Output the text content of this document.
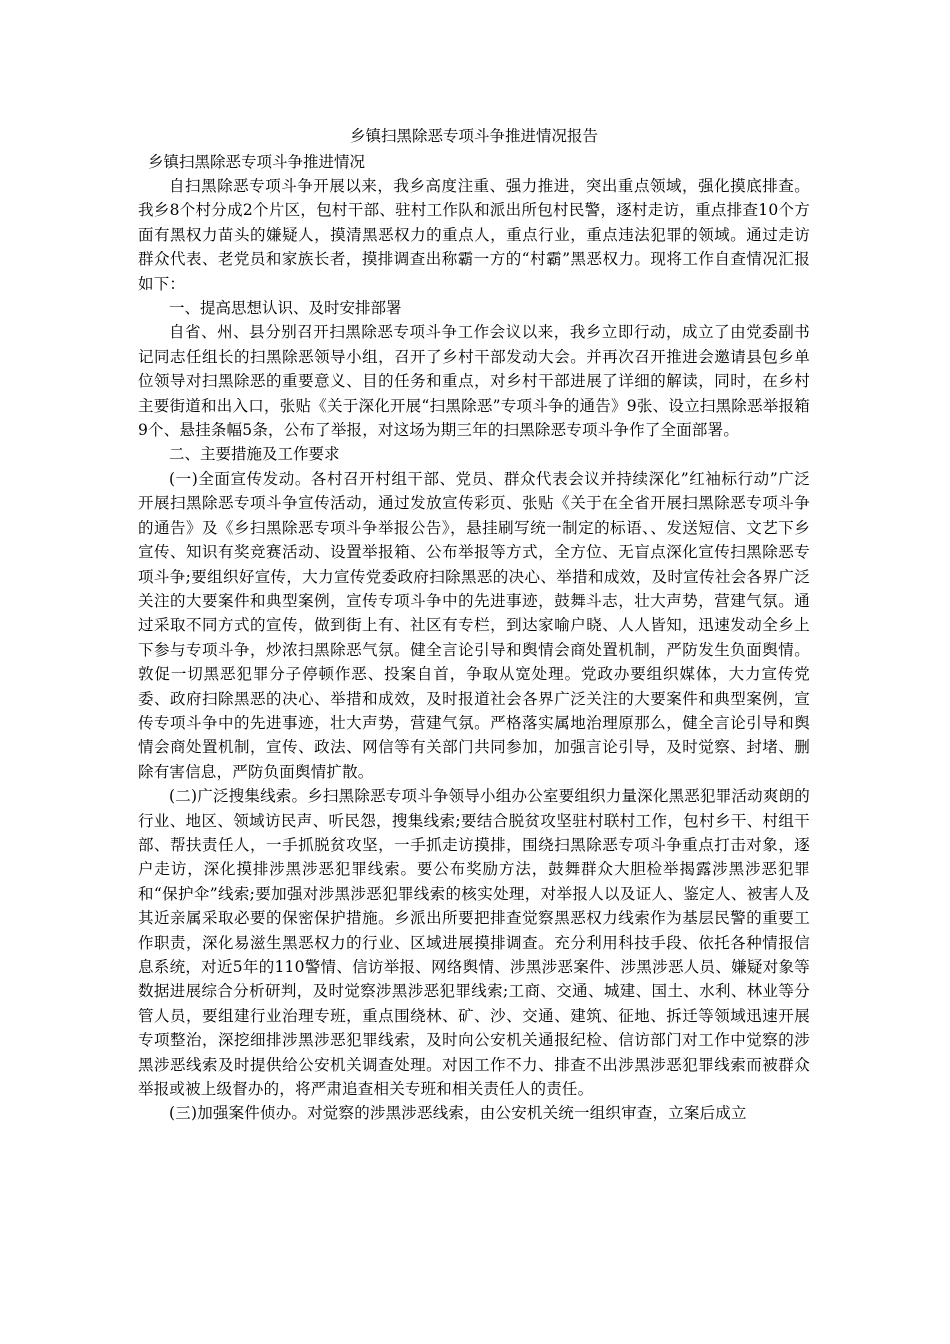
乡镇扫黑除恶专项斗争推进情况报告

乡镇扫黑除恶专项斗争推进情况

自扫黑除恶专项斗争开展以来，我乡高度注重、强力推进，突出重点领域，强化摸底排查。我乡8个村分成2个片区，包村干部、驻村工作队和派出所包村民警，逐村走访，重点排查10个方面有黑权力苗头的嫌疑人，摸清黑恶权力的重点人，重点行业，重点违法犯罪的领域。通过走访群众代表、老党员和家族长者，摸排调查出称霸一方的“村霸”黑恶权力。现将工作自查情况汇报如下：

一、提高思想认识、及时安排部署

自省、州、县分别召开扫黑除恶专项斗争工作会议以来，我乡立即行动，成立了由党委副书记同志任组长的扫黑除恶领导小组，召开了乡村干部发动大会。并再次召开推进会邀请县包乡单位领导对扫黑除恶的重要意义、目的任务和重点，对乡村干部进展了详细的解读，同时，在乡村主要街道和出入口，张贴《关于深化开展“扫黑除恶”专项斗争的通告》9张、设立扫黑除恶举报箱9个、悬挂条幅5条，公布了举报，对这场为期三年的扫黑除恶专项斗争作了全面部署。

二、主要措施及工作要求

(一)全面宣传发动。各村召开村组干部、党员、群众代表会议并持续深化”红袖标行动”广泛开展扫黑除恶专项斗争宣传活动，通过发放宣传彩页、张贴《关于在全省开展扫黑除恶专项斗争的通告》及《乡扫黑除恶专项斗争举报公告》，悬挂刷写统一制定的标语、、发送短信、文艺下乡宣传、知识有奖竞赛活动、设置举报箱、公布举报等方式，全方位、无盲点深化宣传扫黑除恶专项斗争;要组织好宣传，大力宣传党委政府扫除黑恶的决心、举措和成效，及时宣传社会各界广泛关注的大要案件和典型案例，宣传专项斗争中的先进事迹，鼓舞斗志，壮大声势，营建气氛。通过采取不同方式的宣传，做到街上有、社区有专栏，到达家喻户晓、人人皆知，迅速发动全乡上下参与专项斗争，炒浓扫黑除恶气氛。健全言论引导和舆情会商处置机制，严防发生负面舆情。敦促一切黑恶犯罪分子停顿作恶、投案自首，争取从宽处理。党政办要组织媒体，大力宣传党委、政府扫除黑恶的决心、举措和成效，及时报道社会各界广泛关注的大要案件和典型案例，宣传专项斗争中的先进事迹，壮大声势，营建气氛。严格落实属地治理原那么，健全言论引导和舆情会商处置机制，宣传、政法、网信等有关部门共同参加，加强言论引导，及时觉察、封堵、删除有害信息，严防负面舆情扩散。

(二)广泛搜集线索。乡扫黑除恶专项斗争领导小组办公室要组织力量深化黑恶犯罪活动爽朗的行业、地区、领域访民声、听民怨，搜集线索;要结合脱贫攻坚驻村联村工作，包村乡干、村组干部、帮扶责任人，一手抓脱贫攻坚，一手抓走访摸排，围绕扫黑除恶专项斗争重点打击对象，逐户走访，深化摸排涉黑涉恶犯罪线索。要公布奖励方法，鼓舞群众大胆检举揭露涉黑涉恶犯罪和“保护伞”线索;要加强对涉黑涉恶犯罪线索的核实处理，对举报人以及证人、鉴定人、被害人及其近亲属采取必要的保密保护措施。乡派出所要把排查觉察黑恶权力线索作为基层民警的重要工作职责，深化易滋生黑恶权力的行业、区域进展摸排调查。充分利用科技手段、依托各种情报信息系统，对近5年的110警情、信访举报、网络舆情、涉黑涉恶案件、涉黑涉恶人员、嫌疑对象等数据进展综合分析研判，及时觉察涉黑涉恶犯罪线索;工商、交通、城建、国土、水利、林业等分管人员，要组建行业治理专班，重点围绕林、矿、沙、交通、建筑、征地、拆迁等领域迅速开展专项整治，深挖细排涉黑涉恶犯罪线索，及时向公安机关通报纪检、信访部门对工作中觉察的涉黑涉恶线索及时提供给公安机关调查处理。对因工作不力、排查不出涉黑涉恶犯罪线索而被群众举报或被上级督办的，将严肃追查相关专班和相关责任人的责任。

(三)加强案件侦办。对觉察的涉黑涉恶线索，由公安机关统一组织审查，立案后成立
